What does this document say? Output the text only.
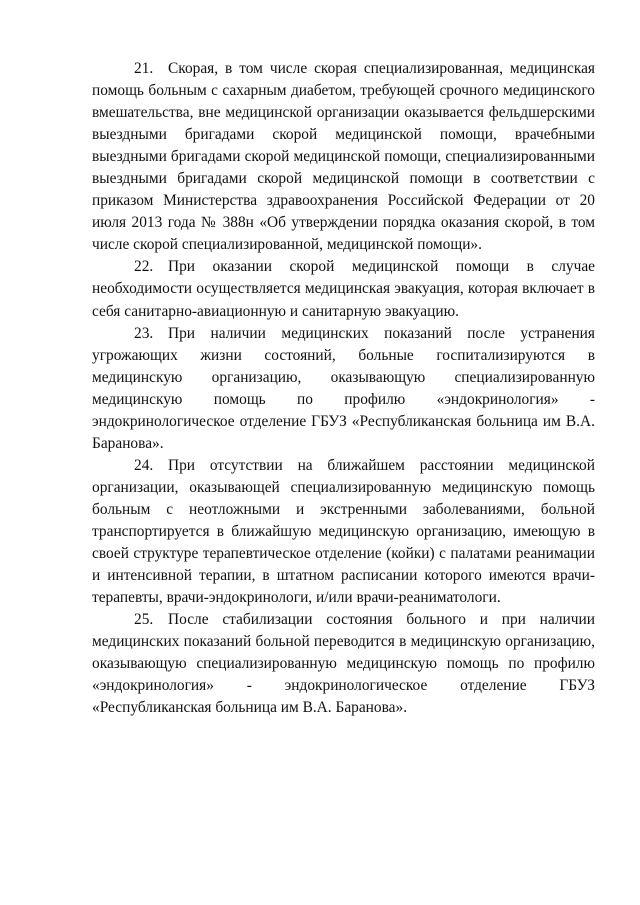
21. Скорая, в том числе скорая специализированная, медицинская помощь больным с сахарным диабетом, требующей срочного медицинского вмешательства, вне медицинской организации оказывается фельдшерскими выездными бригадами скорой медицинской помощи, врачебными выездными бригадами скорой медицинской помощи, специализированными выездными бригадами скорой медицинской помощи в соответствии с приказом Министерства здравоохранения Российской Федерации от 20 июля 2013 года № 388н «Об утверждении порядка оказания скорой, в том числе скорой специализированной, медицинской помощи».

22. При оказании скорой медицинской помощи в случае необходимости осуществляется медицинская эвакуация, которая включает в себя санитарно-авиационную и санитарную эвакуацию.

23. При наличии медицинских показаний после устранения угрожающих жизни состояний, больные госпитализируются в медицинскую организацию, оказывающую специализированную медицинскую помощь по профилю «эндокринология» - эндокринологическое отделение ГБУЗ «Республиканская больница им В.А. Баранова».

24. При отсутствии на ближайшем расстоянии медицинской организации, оказывающей специализированную медицинскую помощь больным с неотложными и экстренными заболеваниями, больной транспортируется в ближайшую медицинскую организацию, имеющую в своей структуре терапевтическое отделение (койки) с палатами реанимации и интенсивной терапии, в штатном расписании которого имеются врачи-терапевты, врачи-эндокринологи, и/или врачи-реаниматологи.

25. После стабилизации состояния больного и при наличии медицинских показаний больной переводится в медицинскую организацию, оказывающую специализированную медицинскую помощь по профилю «эндокринология» - эндокринологическое отделение ГБУЗ «Республиканская больница им В.А. Баранова».
